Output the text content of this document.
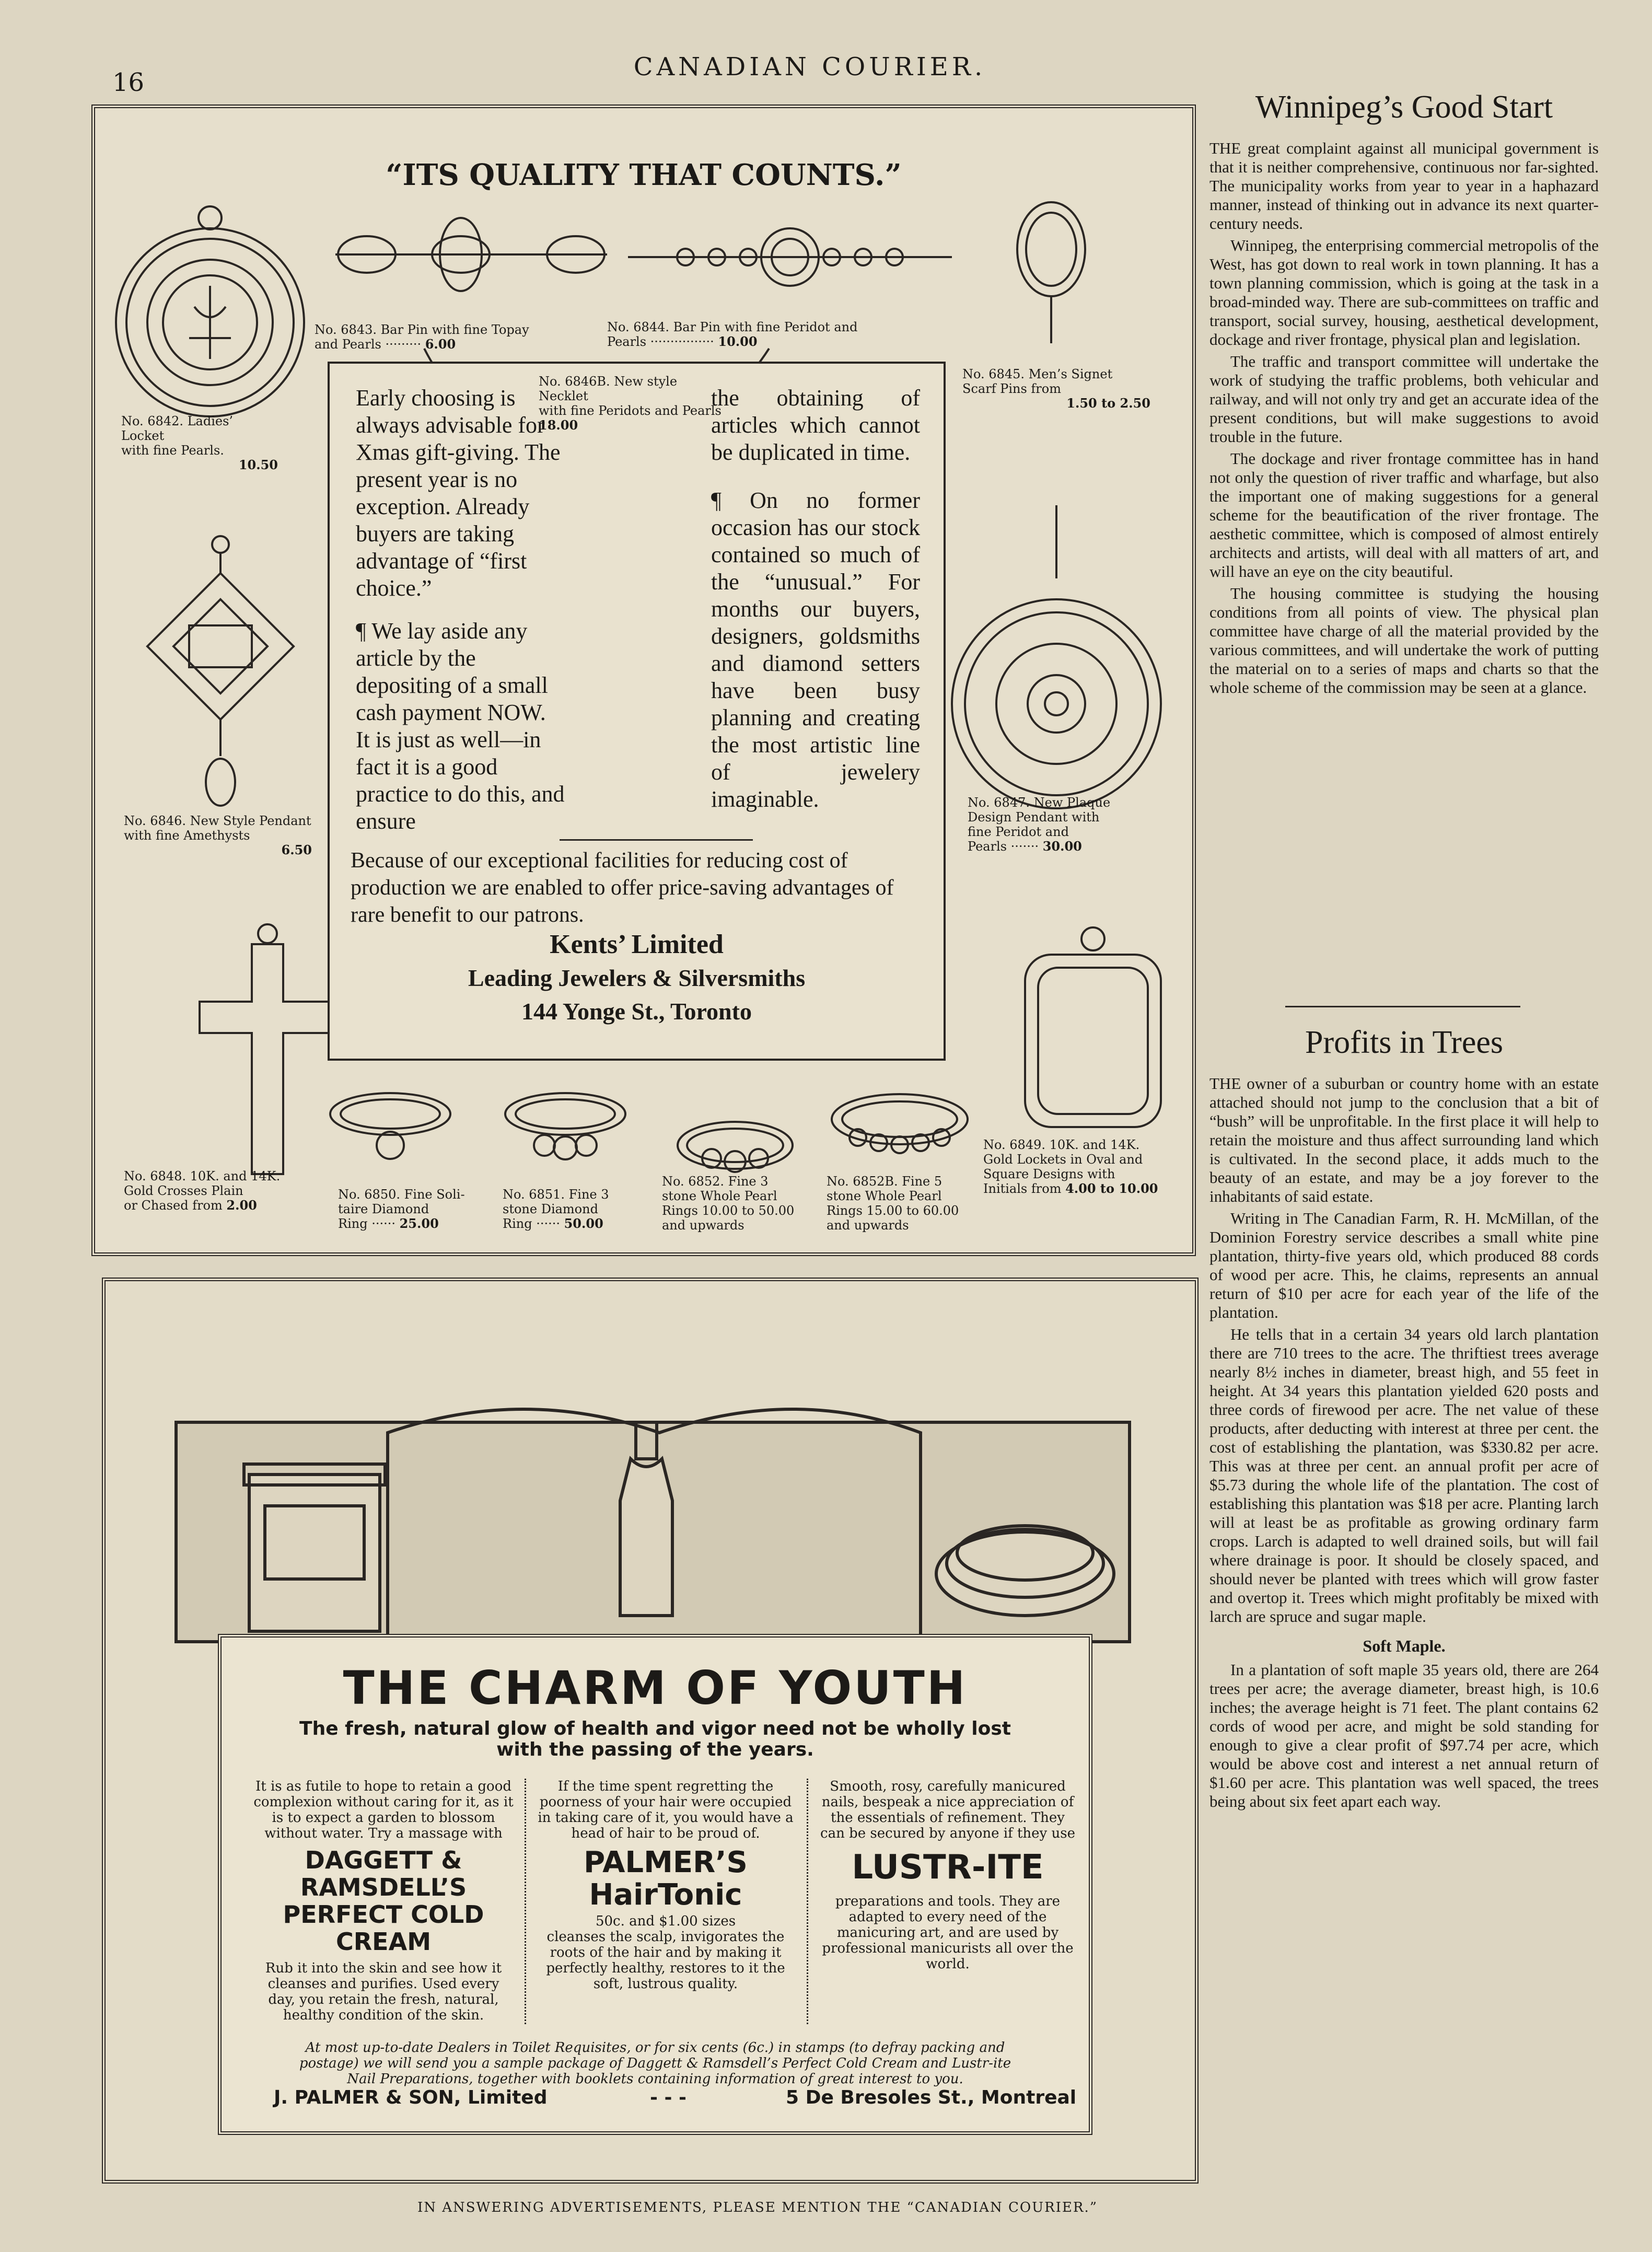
16
CANADIAN COURIER.
“ITS QUALITY THAT COUNTS.”
No. 6842. Ladies’ Locket
with fine Pearls.
10.50
No. 6843. Bar Pin with fine Topay
and Pearls ········· 6.00
No. 6844. Bar Pin with fine Peridot and
Pearls ················ 10.00
No. 6845. Men’s Signet
Scarf Pins from
1.50 to 2.50
No. 6846. New Style Pendant
with fine Amethysts
6.50
No. 6847. New Plaque
Design Pendant with
fine Peridot and
Pearls ······· 30.00
No. 6848. 10K. and 14K.
Gold Crosses Plain
or Chased from 2.00
No. 6849. 10K. and 14K.
Gold Lockets in Oval and
Square Designs with
Initials from 4.00 to 10.00
No. 6850. Fine Soli-
taire Diamond
Ring ······ 25.00
No. 6851. Fine 3
stone Diamond
Ring ······ 50.00
No. 6852. Fine 3
stone Whole Pearl
Rings 10.00 to 50.00
and upwards
No. 6852B. Fine 5
stone Whole Pearl
Rings 15.00 to 60.00
and upwards
No. 6846B. New style Necklet
with fine Peridots and Pearls 18.00

Early choosing is always advisable for Xmas gift-giving. The present year is no exception. Already buyers are taking advantage of “first choice.”

¶ We lay aside any article by the depositing of a small cash payment NOW. It is just as well—in fact it is a good practice to do this, and ensure

the obtaining of articles which cannot be duplicated in time.

¶ On no former occasion has our stock contained so much of the “unusual.” For months our buyers, designers, goldsmiths and diamond setters have been busy planning and creating the most artistic line of jewelery imaginable.

Because of our exceptional facilities for reducing cost of production we are enabled to offer price-saving advantages of rare benefit to our patrons.
Kents’ Limited
Leading Jewelers & Silversmiths
144 Yonge St., Toronto
THE CHARM OF YOUTH
The fresh, natural glow of health and vigor need not be wholly lost with the passing of the years.
It is as futile to hope to retain a good complexion without caring for it, as it is to expect a garden to blossom without water. Try a massage with
DAGGETT & RAMSDELL’S PERFECT COLD CREAM
Rub it into the skin and see how it cleanses and purifies. Used every day, you retain the fresh, natural, healthy condition of the skin.
If the time spent regretting the poorness of your hair were occupied in taking care of it, you would have a head of hair to be proud of.
PALMER’S HairTonic
50c. and $1.00 sizes
cleanses the scalp, invigorates the roots of the hair and by making it perfectly healthy, restores to it the soft, lustrous quality.
Smooth, rosy, carefully manicured nails, bespeak a nice appreciation of the essentials of refinement. They can be secured by anyone if they use
LUSTR-ITE
preparations and tools. They are adapted to every need of the manicuring art, and are used by professional manicurists all over the world.
At most up-to-date Dealers in Toilet Requisites, or for six cents (6c.) in stamps (to defray packing and postage) we will send you a sample package of Daggett & Ramsdell’s Perfect Cold Cream and Lustr-ite Nail Preparations, together with booklets containing information of great interest to you.
J. PALMER & SON, Limited	- - -	5 De Bresoles St., Montreal
Winnipeg’s Good Start

THE great complaint against all municipal government is that it is neither comprehensive, continuous nor far-sighted. The municipality works from year to year in a haphazard manner, instead of thinking out in advance its next quarter-century needs.

Winnipeg, the enterprising commercial metropolis of the West, has got down to real work in town planning. It has a town planning commission, which is going at the task in a broad-minded way. There are sub-committees on traffic and transport, social survey, housing, aesthetical development, dockage and river frontage, physical plan and legislation.

The traffic and transport committee will undertake the work of studying the traffic problems, both vehicular and railway, and will not only try and get an accurate idea of the present conditions, but will make suggestions to avoid trouble in the future.

The dockage and river frontage committee has in hand not only the question of river traffic and wharfage, but also the important one of making suggestions for a general scheme for the beautification of the river frontage. The aesthetic committee, which is composed of almost entirely architects and artists, will deal with all matters of art, and will have an eye on the city beautiful.

The housing committee is studying the housing conditions from all points of view. The physical plan committee have charge of all the material provided by the various committees, and will undertake the work of putting the material on to a series of maps and charts so that the whole scheme of the commission may be seen at a glance.

Profits in Trees

THE owner of a suburban or country home with an estate attached should not jump to the conclusion that a bit of “bush” will be unprofitable. In the first place it will help to retain the moisture and thus affect surrounding land which is cultivated. In the second place, it adds much to the beauty of an estate, and may be a joy forever to the inhabitants of said estate.

Writing in The Canadian Farm, R. H. McMillan, of the Dominion Forestry service describes a small white pine plantation, thirty-five years old, which produced 88 cords of wood per acre. This, he claims, represents an annual return of $10 per acre for each year of the life of the plantation.

He tells that in a certain 34 years old larch plantation there are 710 trees to the acre. The thriftiest trees average nearly 8½ inches in diameter, breast high, and 55 feet in height. At 34 years this plantation yielded 620 posts and three cords of firewood per acre. The net value of these products, after deducting with interest at three per cent. the cost of establishing the plantation, was $330.82 per acre. This was at three per cent. an annual profit per acre of $5.73 during the whole life of the plantation. The cost of establishing this plantation was $18 per acre. Planting larch will at least be as profitable as growing ordinary farm crops. Larch is adapted to well drained soils, but will fail where drainage is poor. It should be closely spaced, and should never be planted with trees which will grow faster and overtop it. Trees which might profitably be mixed with larch are spruce and sugar maple.

Soft Maple.

In a plantation of soft maple 35 years old, there are 264 trees per acre; the average diameter, breast high, is 10.6 inches; the average height is 71 feet. The plant contains 62 cords of wood per acre, and might be sold standing for enough to give a clear profit of $97.74 per acre, which would be above cost and interest a net annual return of $1.60 per acre. This plantation was well spaced, the trees being about six feet apart each way.

IN ANSWERING ADVERTISEMENTS, PLEASE MENTION THE “CANADIAN COURIER.”
